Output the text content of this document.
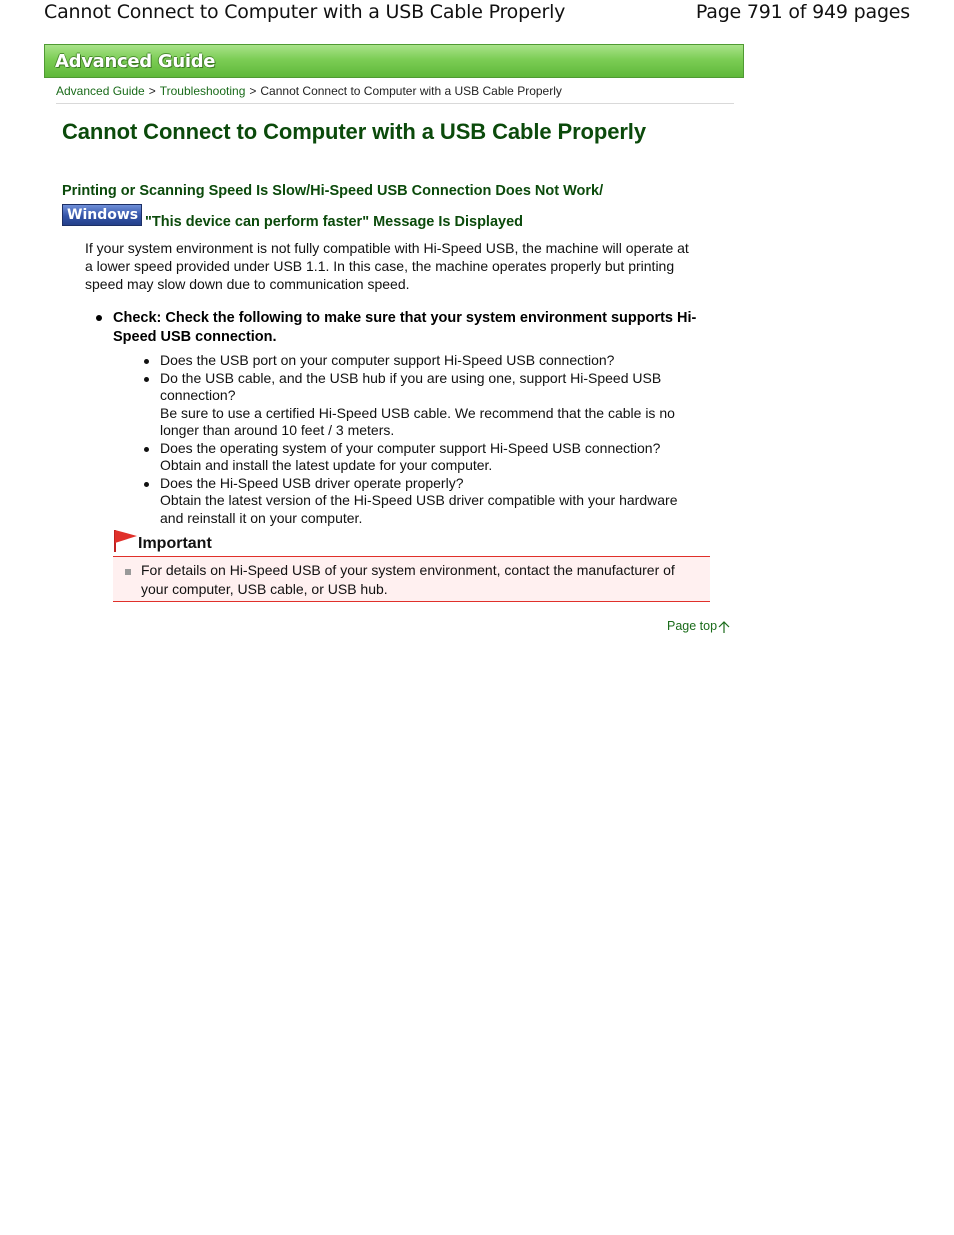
Cannot Connect to Computer with a USB Cable Properly	Page 791 of 949 pages
Advanced Guide
Advanced Guide > Troubleshooting > Cannot Connect to Computer with a USB Cable Properly
Cannot Connect to Computer with a USB Cable Properly
Printing or Scanning Speed Is Slow/Hi-Speed USB Connection Does Not Work/
Windows "This device can perform faster" Message Is Displayed
If your system environment is not fully compatible with Hi-Speed USB, the machine will operate at a lower speed provided under USB 1.1. In this case, the machine operates properly but printing speed may slow down due to communication speed.
Check: Check the following to make sure that your system environment supports Hi-Speed USB connection.
Does the USB port on your computer support Hi-Speed USB connection?
Do the USB cable, and the USB hub if you are using one, support Hi-Speed USB connection?
Be sure to use a certified Hi-Speed USB cable. We recommend that the cable is no longer than around 10 feet / 3 meters.
Does the operating system of your computer support Hi-Speed USB connection?
Obtain and install the latest update for your computer.
Does the Hi-Speed USB driver operate properly?
Obtain the latest version of the Hi-Speed USB driver compatible with your hardware and reinstall it on your computer.
Important
For details on Hi-Speed USB of your system environment, contact the manufacturer of your computer, USB cable, or USB hub.
Page top
